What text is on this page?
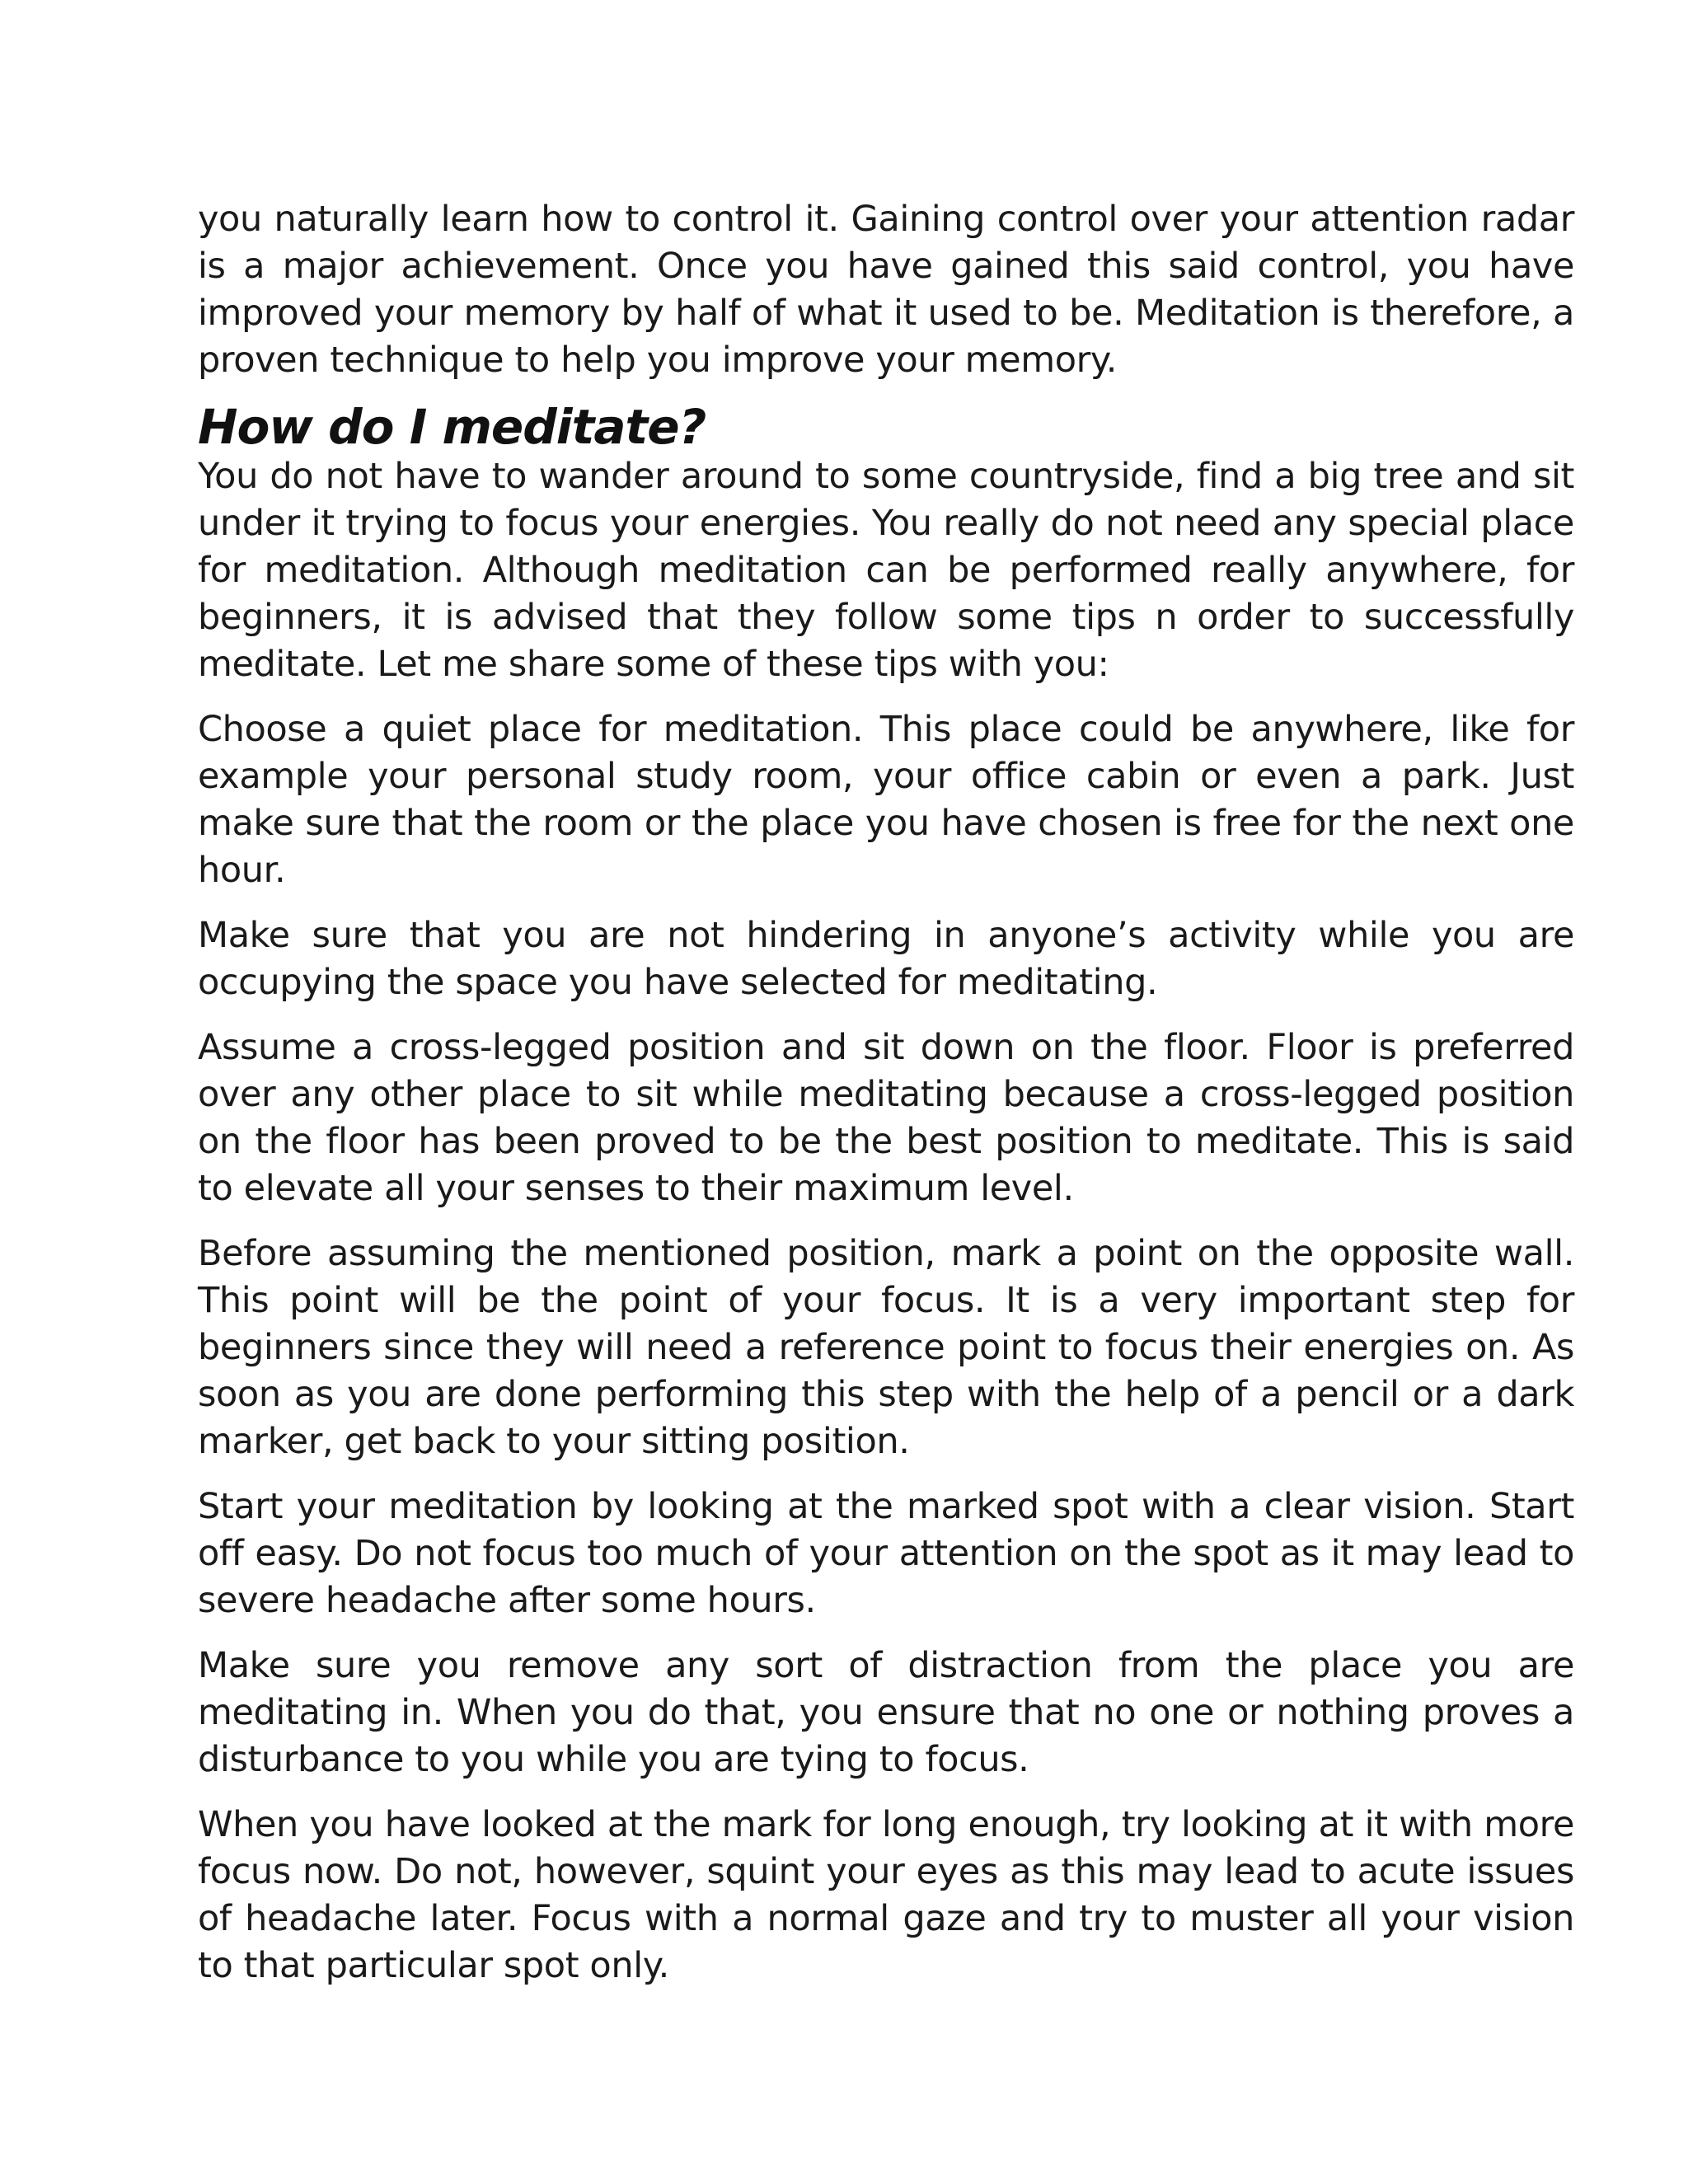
you naturally learn how to control it. Gaining control over your attention radar is a major achievement. Once you have gained this said control, you have improved your memory by half of what it used to be. Meditation is therefore, a proven technique to help you improve your memory.

How do I meditate?

You do not have to wander around to some countryside, find a big tree and sit under it trying to focus your energies. You really do not need any special place for meditation. Although meditation can be performed really anywhere, for beginners, it is advised that they follow some tips n order to successfully meditate. Let me share some of these tips with you:

Choose a quiet place for meditation. This place could be anywhere, like for example your personal study room, your office cabin or even a park. Just make sure that the room or the place you have chosen is free for the next one hour.

Make sure that you are not hindering in anyone’s activity while you are occupying the space you have selected for meditating.

Assume a cross-legged position and sit down on the floor. Floor is preferred over any other place to sit while meditating because a cross-legged position on the floor has been proved to be the best position to meditate. This is said to elevate all your senses to their maximum level.

Before assuming the mentioned position, mark a point on the opposite wall. This point will be the point of your focus. It is a very important step for beginners since they will need a reference point to focus their energies on. As soon as you are done performing this step with the help of a pencil or a dark marker, get back to your sitting position.

Start your meditation by looking at the marked spot with a clear vision. Start off easy. Do not focus too much of your attention on the spot as it may lead to severe headache after some hours.

Make sure you remove any sort of distraction from the place you are meditating in. When you do that, you ensure that no one or nothing proves a disturbance to you while you are tying to focus.

When you have looked at the mark for long enough, try looking at it with more focus now. Do not, however, squint your eyes as this may lead to acute issues of headache later. Focus with a normal gaze and try to muster all your vision to that particular spot only.
